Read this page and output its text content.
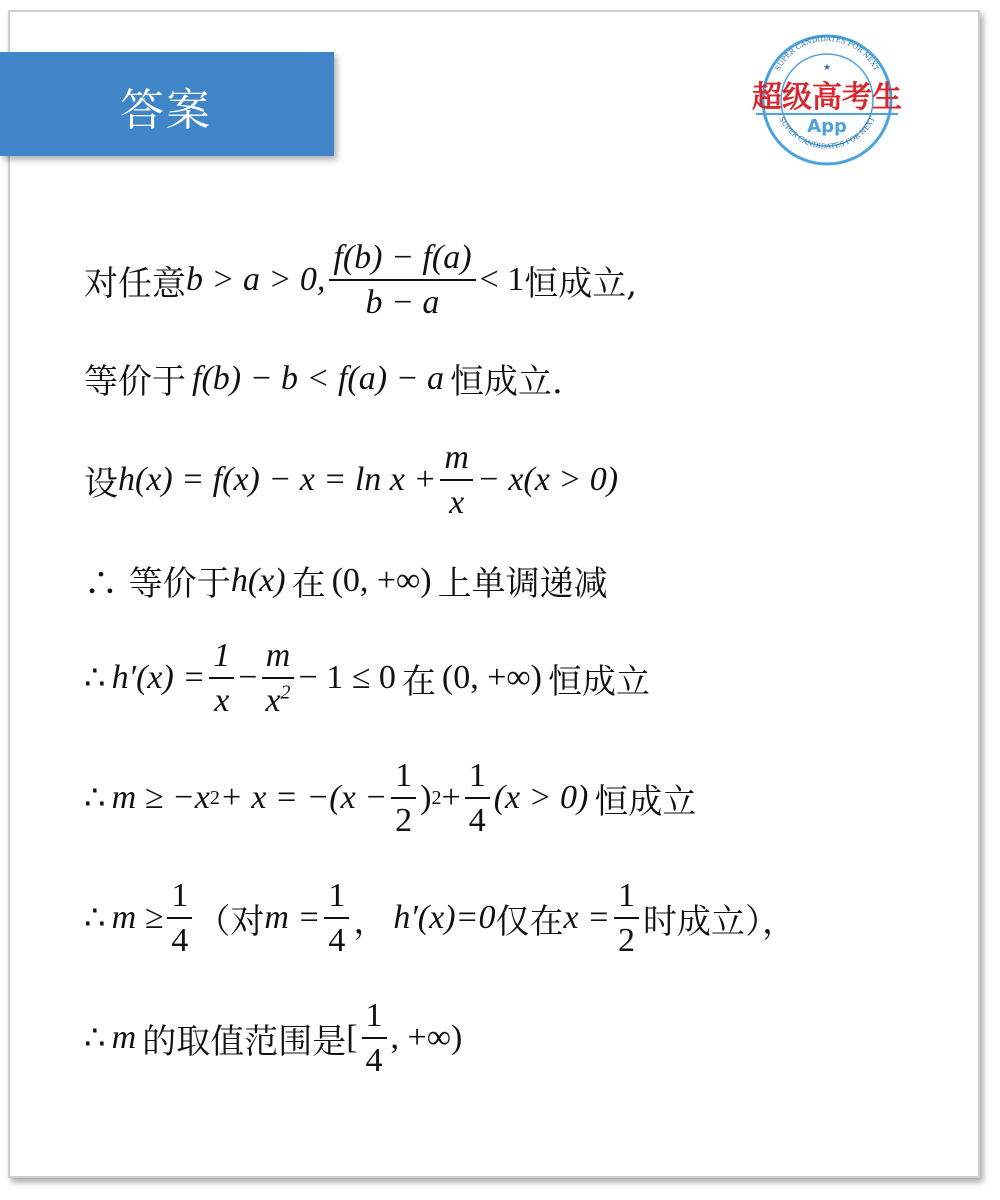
答案
SUPER CANDIDATES FOR NEXT
SUPER CANDIDATES FOR NEXT
★
超级高考生
App
对任意 b > a > 0, $\frac{f(b) - f(a)}{b - a} < 1$ 恒成立,
等价于 f(b) − b < f(a) − a 恒成立.
设 $h(x) = f(x) - x = \ln x + \frac{m}{x} - x(x > 0)$
∴ 等价于 h(x) 在 (0, +∞) 上单调递减
∴ $h'(x) = \frac{1}{x} - \frac{m}{x^2} - 1 \le 0$ 在 (0, +∞) 恒成立
∴ m ≥ −x $2 + x = -(x - \frac{1}{2}$ ) $2 + \frac{1}{4} (x > 0)$ 恒成立
∴ $m \ge \frac{1}{4}$ （对 $m = \frac{1}{4}$ ， h′(x)=0 仅在 $x = \frac{1}{2}$ 时成立），
∴ m 的取值范围是 [ $\frac{1}{4}$ , +∞)
